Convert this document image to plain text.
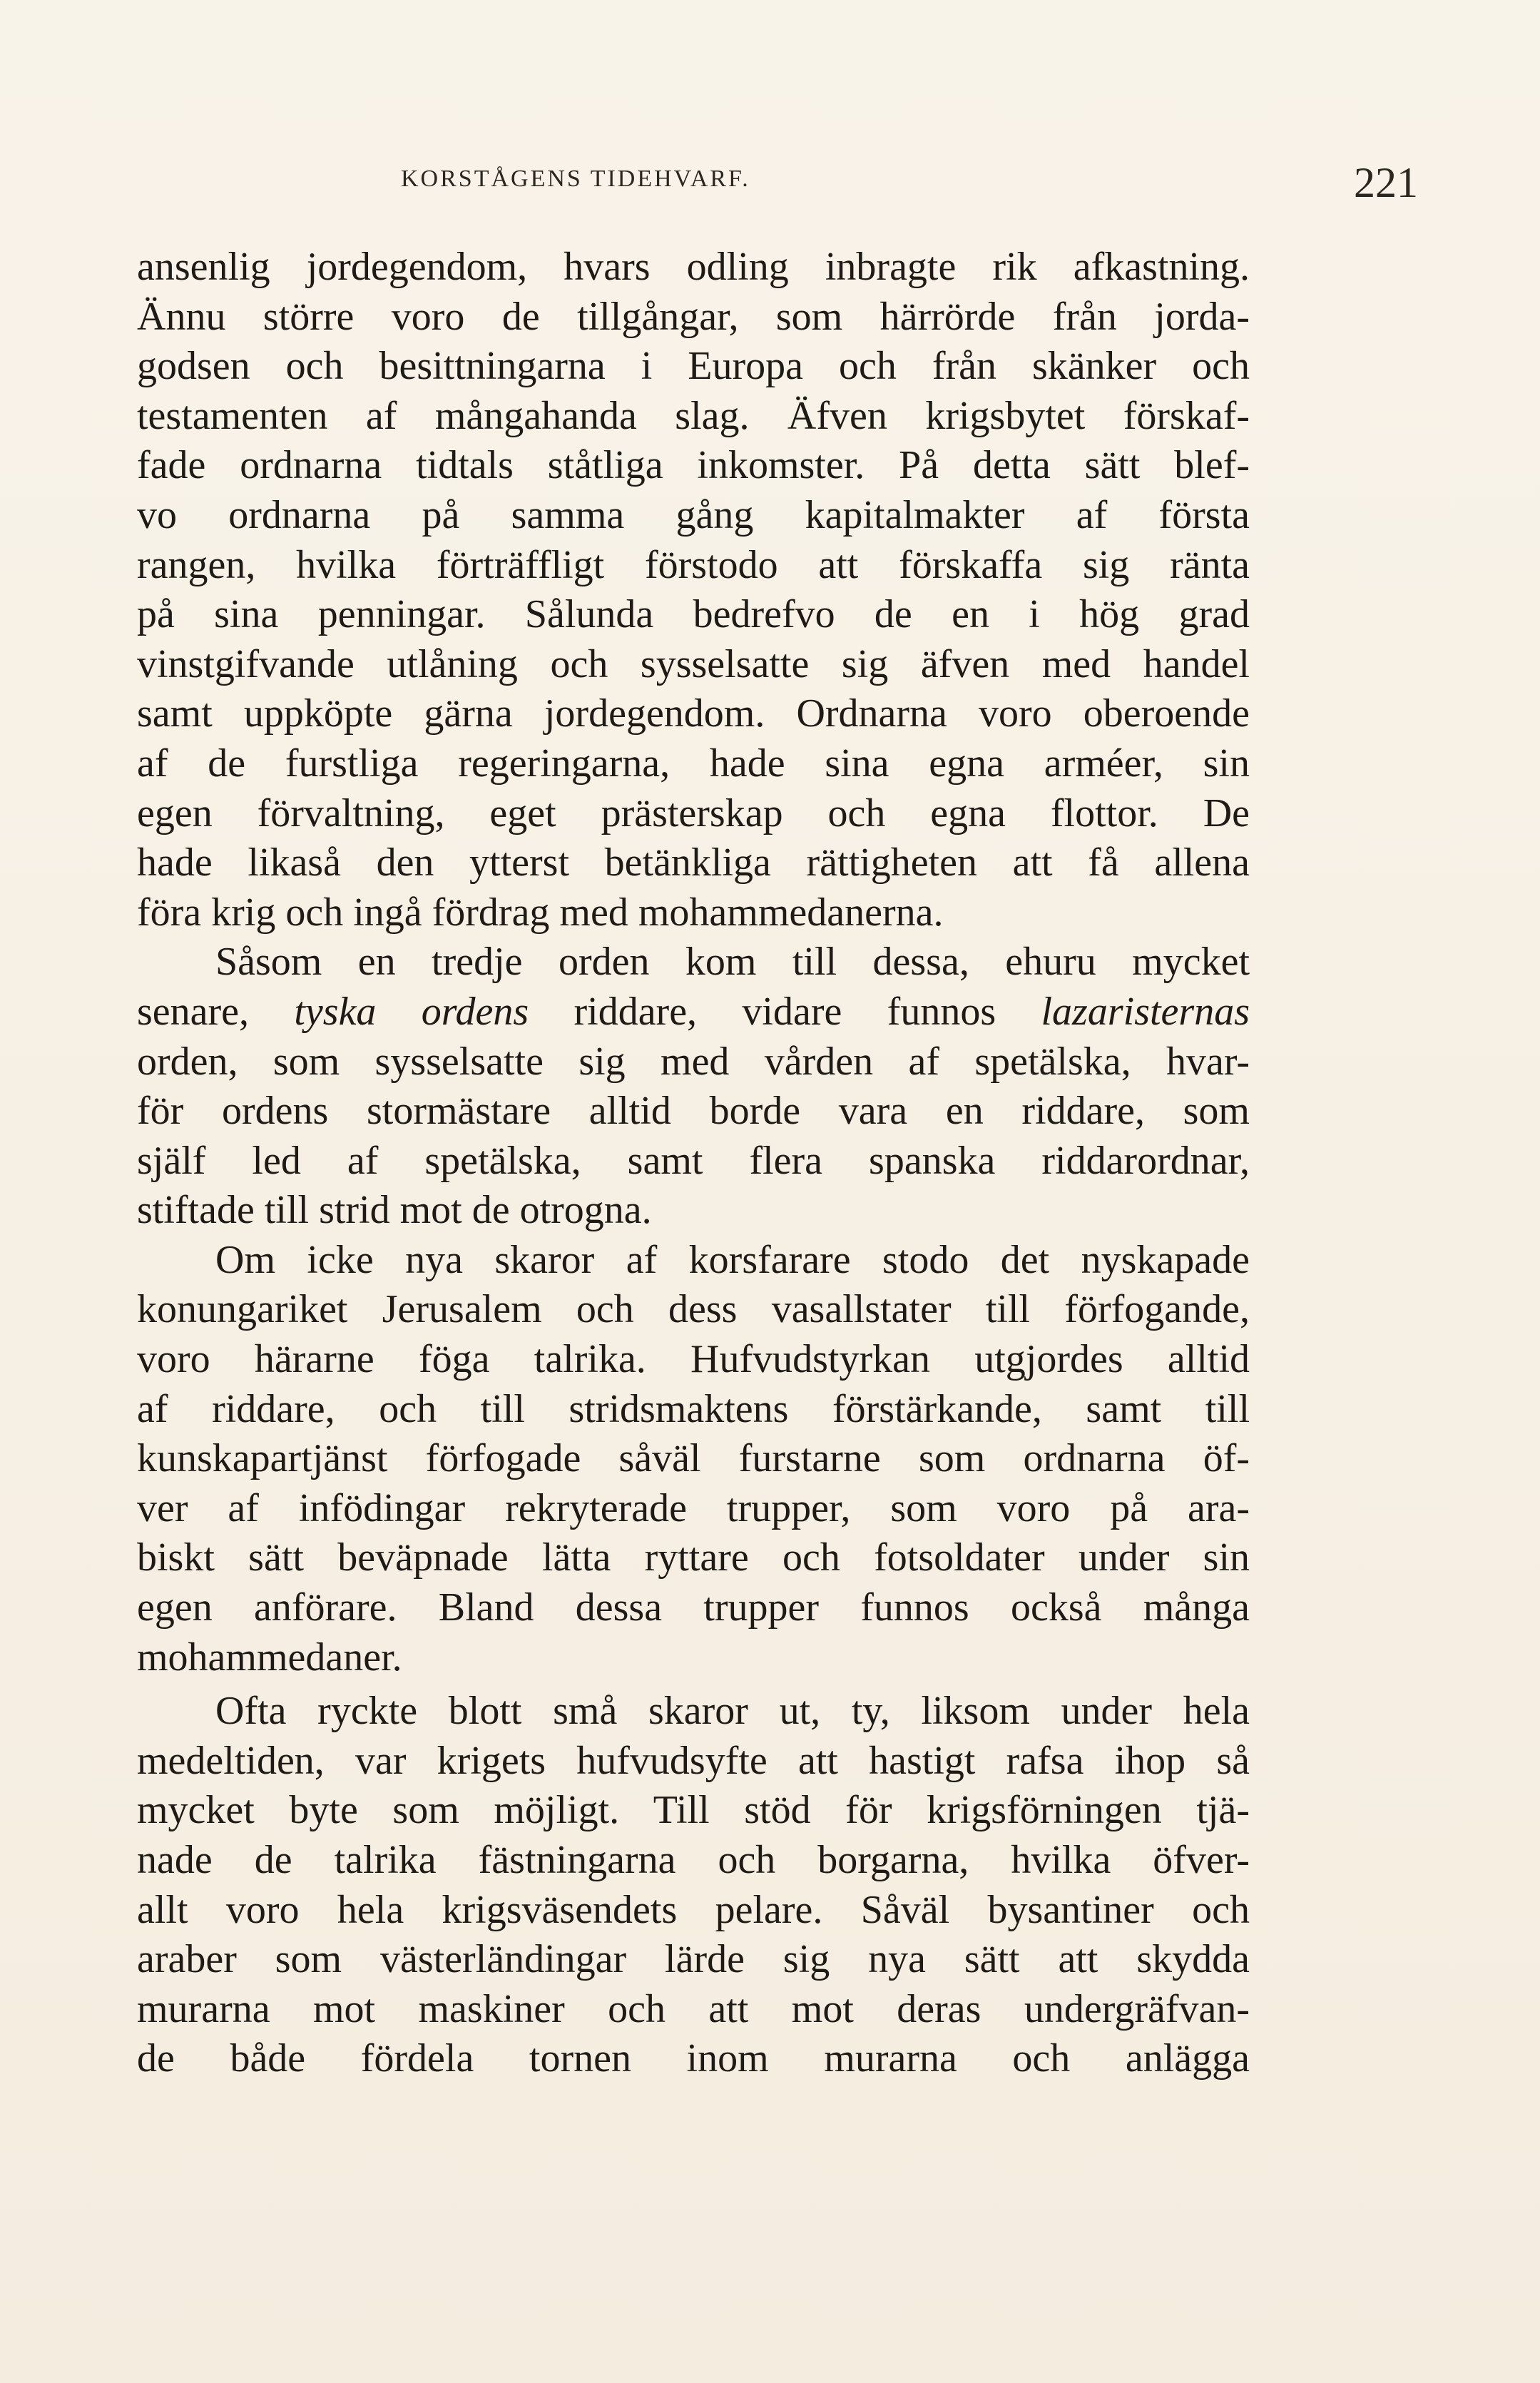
KORSTÅGENS TIDEHVARF.	221
ansenlig jordegendom, hvars odling inbragte rik afkastning.
Ännu större voro de tillgångar, som härrörde från jorda-
godsen och besittningarna i Europa och från skänker och
testamenten af mångahanda slag. Äfven krigsbytet förskaf-
fade ordnarna tidtals ståtliga inkomster. På detta sätt blef-
vo ordnarna på samma gång kapitalmakter af första
rangen, hvilka förträffligt förstodo att förskaffa sig ränta
på sina penningar. Sålunda bedrefvo de en i hög grad
vinstgifvande utlåning och sysselsatte sig äfven med handel
samt uppköpte gärna jordegendom. Ordnarna voro oberoende
af de furstliga regeringarna, hade sina egna arméer, sin
egen förvaltning, eget prästerskap och egna flottor. De
hade likaså den ytterst betänkliga rättigheten att få allena
föra krig och ingå fördrag med mohammedanerna.
Såsom en tredje orden kom till dessa, ehuru mycket
senare, tyska ordens riddare, vidare funnos lazaristernas
orden, som sysselsatte sig med vården af spetälska, hvar-
för ordens stormästare alltid borde vara en riddare, som
själf led af spetälska, samt flera spanska riddarordnar,
stiftade till strid mot de otrogna.
Om icke nya skaror af korsfarare stodo det nyskapade
konungariket Jerusalem och dess vasallstater till förfogande,
voro härarne föga talrika. Hufvudstyrkan utgjordes alltid
af riddare, och till stridsmaktens förstärkande, samt till
kunskapartjänst förfogade såväl furstarne som ordnarna öf-
ver af infödingar rekryterade trupper, som voro på ara-
biskt sätt beväpnade lätta ryttare och fotsoldater under sin
egen anförare. Bland dessa trupper funnos också många
mohammedaner.
Ofta ryckte blott små skaror ut, ty, liksom under hela
medeltiden, var krigets hufvudsyfte att hastigt rafsa ihop så
mycket byte som möjligt. Till stöd för krigsförningen tjä-
nade de talrika fästningarna och borgarna, hvilka öfver-
allt voro hela krigsväsendets pelare. Såväl bysantiner och
araber som västerländingar lärde sig nya sätt att skydda
murarna mot maskiner och att mot deras undergräfvan-
de både fördela tornen inom murarna och anlägga
